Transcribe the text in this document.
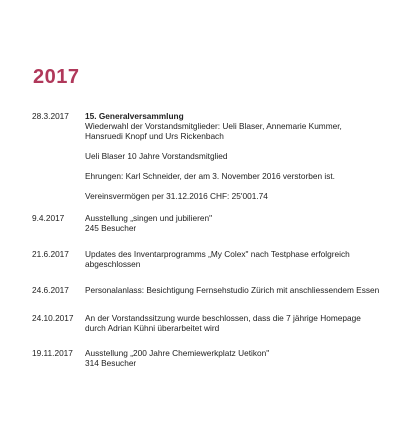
2017
28.3.2017	15. Generalversammlung
Wiederwahl der Vorstandsmitglieder: Ueli Blaser, Annemarie Kummer,
Hansruedi Knopf und Urs Rickenbach
Ueli Blaser 10 Jahre Vorstandsmitglied
Ehrungen: Karl Schneider, der am 3. November 2016 verstorben ist.
Vereinsvermögen per 31.12.2016 CHF: 25'001.74
9.4.2017	Ausstellung „singen und jubilieren"
245 Besucher
21.6.2017	Updates des Inventarprogramms „My Colex" nach Testphase erfolgreich
abgeschlossen
24.6.2017	Personalanlass: Besichtigung Fernsehstudio Zürich mit anschliessendem Essen
24.10.2017	An der Vorstandssitzung wurde beschlossen, dass die 7 jährige Homepage
durch Adrian Kühni überarbeitet wird
19.11.2017	Ausstellung „200 Jahre Chemiewerkplatz Uetikon"
314 Besucher
